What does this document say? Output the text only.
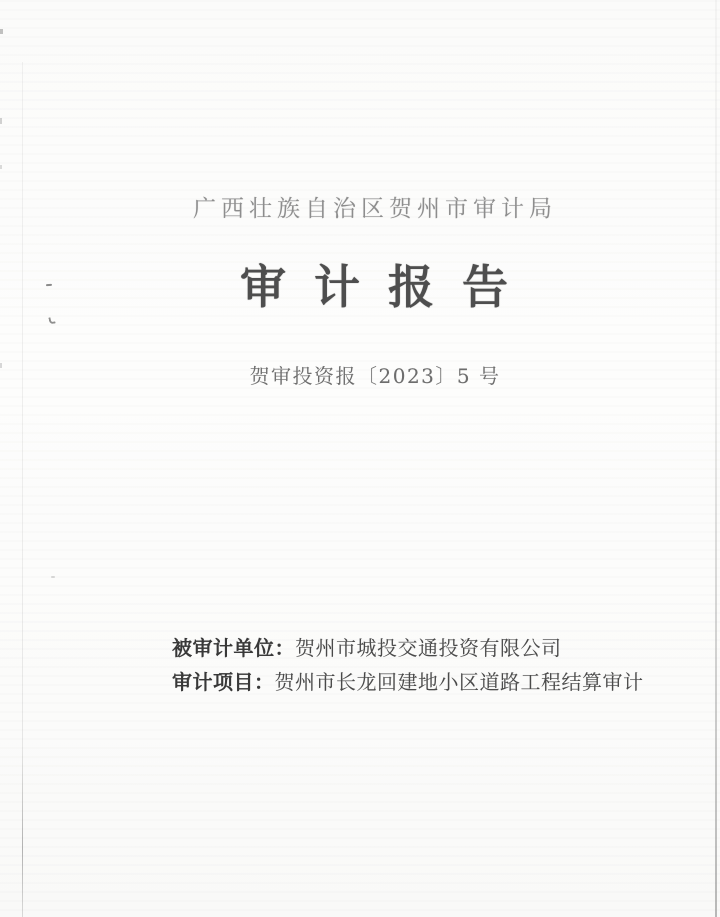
广西壮族自治区贺州市审计局
审计报告
贺审投资报〔2023〕5 号
被审计单位：贺州市城投交通投资有限公司
审计项目：贺州市长龙回建地小区道路工程结算审计
